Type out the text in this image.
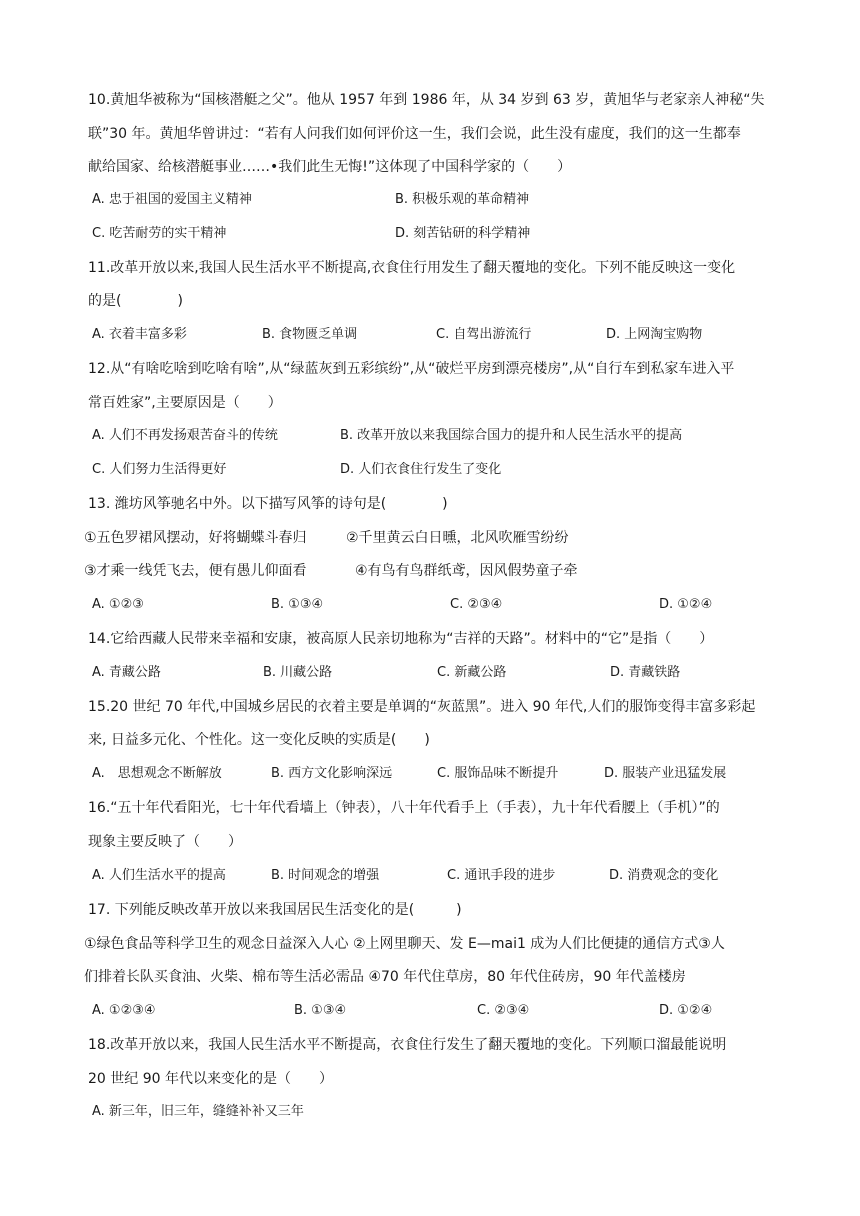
10.黄旭华被称为“国核潜艇之父”。他从 1957 年到 1986 年，从 34 岁到 63 岁，黄旭华与老家亲人神秘“失
联”30 年。黄旭华曾讲过：“若有人问我们如何评价这一生，我们会说，此生没有虚度，我们的这一生都奉
献给国家、给核潜艇事业……•我们此生无悔!”这体现了中国科学家的（　　）
A. 忠于祖国的爱国主义精神	B. 积极乐观的革命精神
C. 吃苦耐劳的实干精神	D. 刻苦钻研的科学精神
11.改革开放以来,我国人民生活水平不断提高,衣食住行用发生了翻天覆地的变化。下列不能反映这一变化
的是(　　　　)
A. 衣着丰富多彩	B. 食物匮乏单调	C. 自驾出游流行	D. 上网淘宝购物
12.从“有啥吃啥到吃啥有啥”,从“绿蓝灰到五彩缤纷”,从“破烂平房到漂亮楼房”,从“自行车到私家车进入平
常百姓家”,主要原因是（　　）
A. 人们不再发扬艰苦奋斗的传统	B. 改革开放以来我国综合国力的提升和人民生活水平的提高
C. 人们努力生活得更好	D. 人们衣食住行发生了变化
13. 潍坊风筝驰名中外。以下描写风筝的诗句是(　　　　)
①五色罗裙风摆动，好将蝴蝶斗春归	②千里黄云白日曛，北风吹雁雪纷纷
③才乘一线凭飞去，便有愚儿仰面看	④有鸟有鸟群纸鸢，因风假势童子牵
A. ①②③	B. ①③④	C. ②③④	D. ①②④
14.它给西藏人民带来幸福和安康，被高原人民亲切地称为“吉祥的天路”。材料中的“它”是指（　　）
A. 青藏公路	B. 川藏公路	C. 新藏公路	D. 青藏铁路
15.20 世纪 70 年代,中国城乡居民的衣着主要是单调的“灰蓝黑”。进入 90 年代,人们的服饰变得丰富多彩起
来, 日益多元化、个性化。这一变化反映的实质是(　　)
A.　思想观念不断解放	B. 西方文化影响深远	C. 服饰品味不断提升	D. 服装产业迅猛发展
16.“五十年代看阳光，七十年代看墙上（钟表），八十年代看手上（手表），九十年代看腰上（手机）”的
现象主要反映了（　　）
A. 人们生活水平的提高	B. 时间观念的增强	C. 通讯手段的进步	D. 消费观念的变化
17. 下列能反映改革开放以来我国居民生活变化的是(　　　)
①绿色食品等科学卫生的观念日益深入人心 ②上网里聊天、发 E—mai1 成为人们比便捷的通信方式③人
们排着长队买食油、火柴、棉布等生活必需品 ④70 年代住草房，80 年代住砖房，90 年代盖楼房
A. ①②③④	B. ①③④	C. ②③④	D. ①②④
18.改革开放以来，我国人民生活水平不断提高，衣食住行发生了翻天覆地的变化。下列顺口溜最能说明
20 世纪 90 年代以来变化的是（　　）
A. 新三年，旧三年，缝缝补补又三年
